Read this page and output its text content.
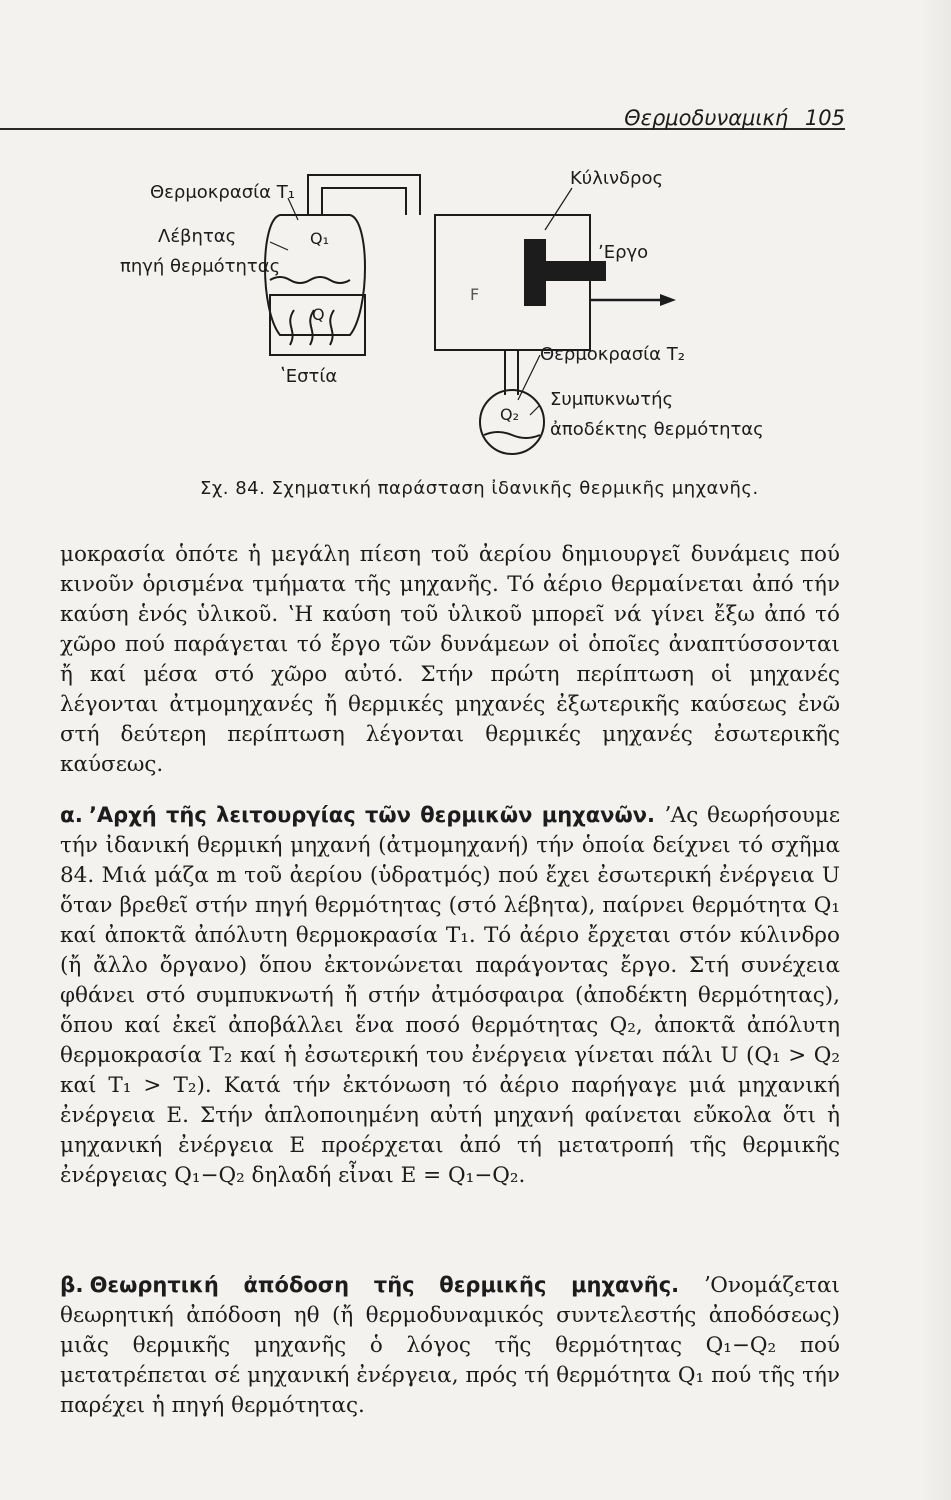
Θερμοδυναμική 105
Θερμοκρασία T₁
Λέβητας
πηγή θερμότητας
ʽΕστία
Κύλινδρος
ʼΕργο
Θερμοκρασία T₂
Συμπυκνωτής
ἀποδέκτης θερμότητας
Q₁
Q
Q₂
F
Σχ. 84. Σχηματική παράσταση ἰδανικῆς θερμικῆς μηχανῆς.

μοκρασία ὁπότε ἡ μεγάλη πίεση τοῦ ἀερίου δημιουργεῖ δυνάμεις πού κινοῦν ὁρισμένα τμήματα τῆς μηχανῆς. Τό ἀέριο θερμαίνεται ἀπό τήν καύση ἑνός ὑλικοῦ. ʽΗ καύση τοῦ ὑλικοῦ μπορεῖ νά γίνει ἔξω ἀπό τό χῶρο πού παράγεται τό ἔργο τῶν δυνάμεων οἱ ὁποῖες ἀναπτύσσονται ἤ καί μέσα στό χῶρο αὐτό. Στήν πρώτη περίπτωση οἱ μηχανές λέγονται ἀτμομηχανές ἤ θερμικές μηχανές ἐξωτερικῆς καύσεως ἐνῶ στή δεύτερη περίπτωση λέγονται θερμικές μηχανές ἐσωτερικῆς καύσεως.

α. ʼΑρχή τῆς λειτουργίας τῶν θερμικῶν μηχανῶν. ʼΑς θεωρήσουμε τήν ἰδανική θερμική μηχανή (ἀτμομηχανή) τήν ὁποία δείχνει τό σχῆμα 84. Μιά μάζα m τοῦ ἀερίου (ὑδρατμός) πού ἔχει ἐσωτερική ἐνέργεια U ὅταν βρεθεῖ στήν πηγή θερμότητας (στό λέβητα), παίρνει θερμότητα Q₁ καί ἀποκτᾶ ἀπόλυτη θερμοκρασία T₁. Τό ἀέριο ἔρχεται στόν κύλινδρο (ἤ ἄλλο ὄργανο) ὅπου ἐκτονώνεται παράγοντας ἔργο. Στή συνέχεια φθάνει στό συμπυκνωτή ἤ στήν ἀτμόσφαιρα (ἀποδέκτη θερμότητας), ὅπου καί ἐκεῖ ἀποβάλλει ἕνα ποσό θερμότητας Q₂, ἀποκτᾶ ἀπόλυτη θερμοκρασία T₂ καί ἡ ἐσωτερική του ἐνέργεια γίνεται πάλι U (Q₁ > Q₂ καί T₁ > T₂). Κατά τήν ἐκτόνωση τό ἀέριο παρήγαγε μιά μηχανική ἐνέργεια E. Στήν ἁπλοποιημένη αὐτή μηχανή φαίνεται εὔκολα ὅτι ἡ μηχανική ἐνέργεια E προέρχεται ἀπό τή μετατροπή τῆς θερμικῆς ἐνέργειας Q₁−Q₂ δηλαδή εἶναι E = Q₁−Q₂.

β. Θεωρητική ἀπόδοση τῆς θερμικῆς μηχανῆς. ʼΟνομάζεται θεωρητική ἀπόδοση ηθ (ἤ θερμοδυναμικός συντελεστής ἀποδόσεως) μιᾶς θερμικῆς μηχανῆς ὁ λόγος τῆς θερμότητας Q₁−Q₂ πού μετατρέπεται σέ μηχανική ἐνέργεια, πρός τή θερμότητα Q₁ πού τῆς τήν παρέχει ἡ πηγή θερμότητας.
